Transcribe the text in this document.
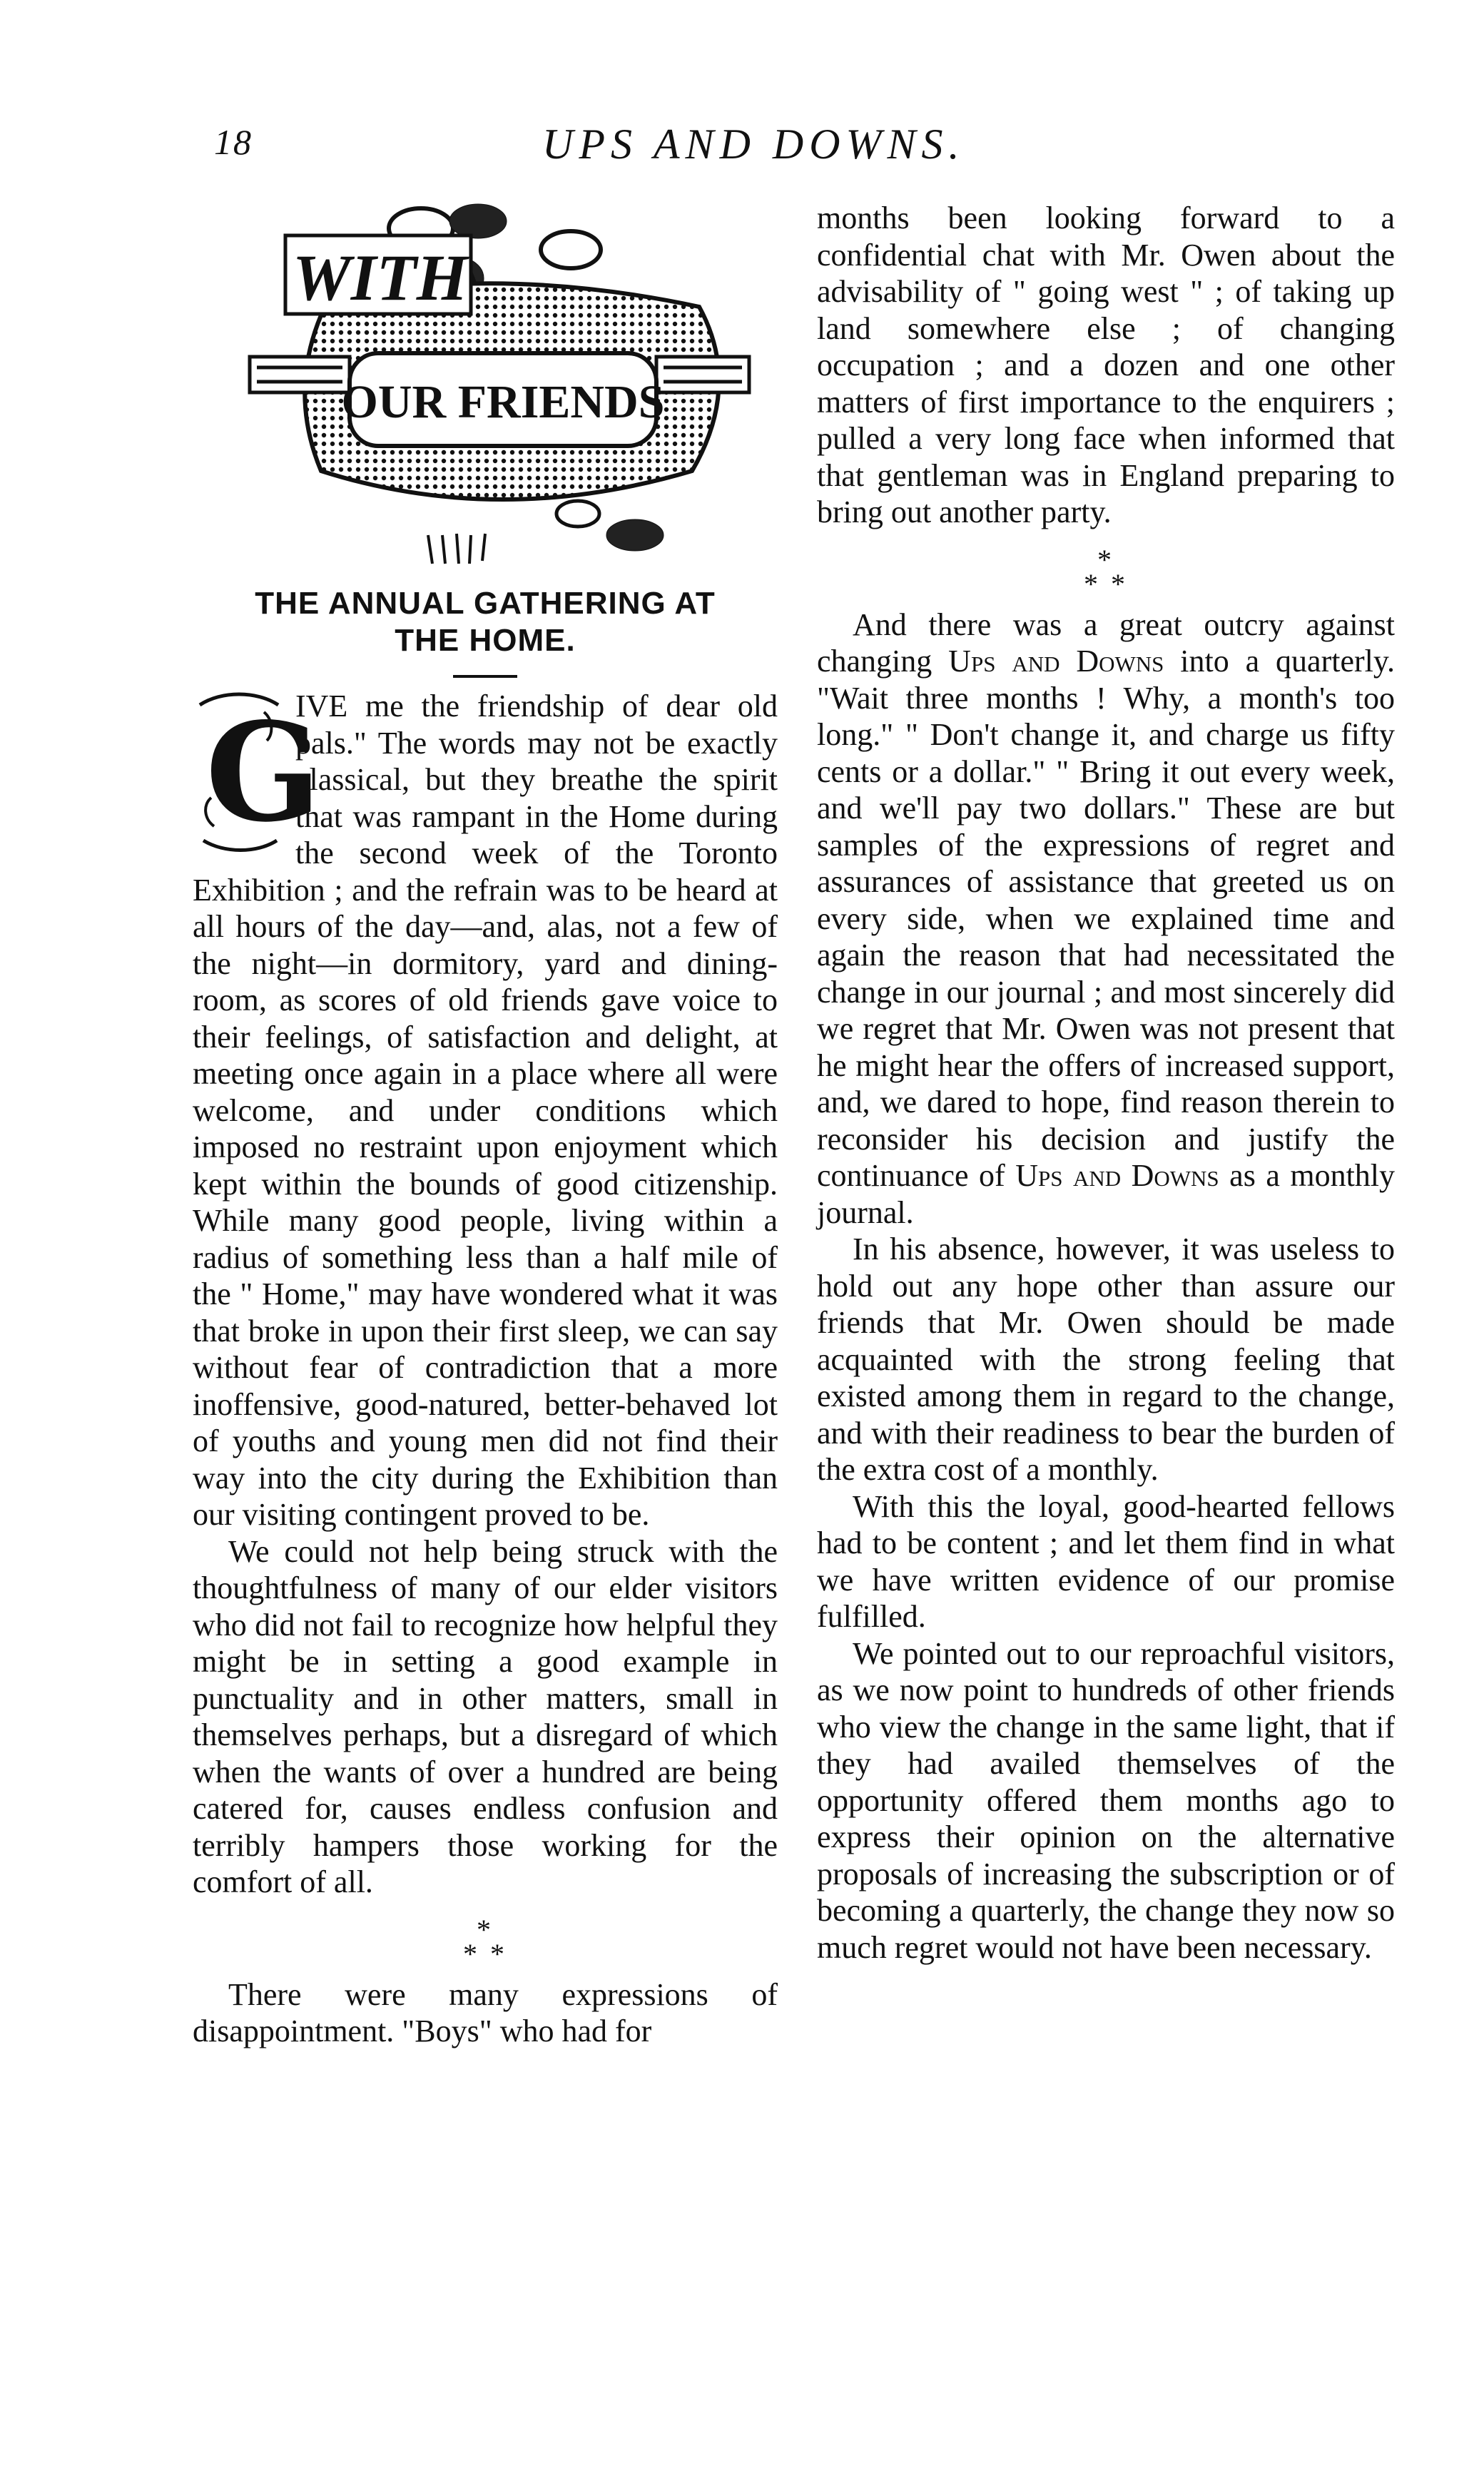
18	UPS AND DOWNS.
WITH
OUR FRIENDS
THE ANNUAL GATHERING AT
THE HOME.
G

IVE me the friendship of dear old pals." The words may not be exactly classical, but they breathe the spirit that was rampant in the Home during the second week of the Toronto Exhibition ; and the refrain was to be heard at all hours of the day—and, alas, not a few of the night—in dormitory, yard and dining-room, as scores of old friends gave voice to their feelings, of satisfaction and delight, at meeting once again in a place where all were welcome, and under conditions which imposed no restraint upon enjoyment which kept within the bounds of good citizenship. While many good people, living within a radius of something less than a half mile of the " Home," may have wondered what it was that broke in upon their first sleep, we can say without fear of contradiction that a more inoffensive, good-natured, better-behaved lot of youths and young men did not find their way into the city during the Exhibition than our visiting contingent proved to be.

We could not help being struck with the thoughtfulness of many of our elder visitors who did not fail to recognize how helpful they might be in setting a good example in punctuality and in other matters, small in themselves perhaps, but a disregard of which when the wants of over a hundred are being catered for, causes endless confusion and terribly hampers those working for the comfort of all.

*
* *

There were many expressions of disappointment. "Boys" who had for

months been looking forward to a confidential chat with Mr. Owen about the advisability of " going west " ; of taking up land somewhere else ; of changing occupation ; and a dozen and one other matters of first importance to the enquirers ; pulled a very long face when informed that that gentleman was in England preparing to bring out another party.

*
* *

And there was a great outcry against changing Ups and Downs into a quarterly. "Wait three months ! Why, a month's too long." " Don't change it, and charge us fifty cents or a dollar." " Bring it out every week, and we'll pay two dollars." These are but samples of the expressions of regret and assurances of assistance that greeted us on every side, when we explained time and again the reason that had necessitated the change in our journal ; and most sincerely did we regret that Mr. Owen was not present that he might hear the offers of increased support, and, we dared to hope, find reason therein to reconsider his decision and justify the continuance of Ups and Downs as a monthly journal.

In his absence, however, it was useless to hold out any hope other than assure our friends that Mr. Owen should be made acquainted with the strong feeling that existed among them in regard to the change, and with their readiness to bear the burden of the extra cost of a monthly.

With this the loyal, good-hearted fellows had to be content ; and let them find in what we have written evidence of our promise fulfilled.

We pointed out to our reproachful visitors, as we now point to hundreds of other friends who view the change in the same light, that if they had availed themselves of the opportunity offered them months ago to express their opinion on the alternative proposals of increasing the subscription or of becoming a quarterly, the change they now so much regret would not have been necessary.
